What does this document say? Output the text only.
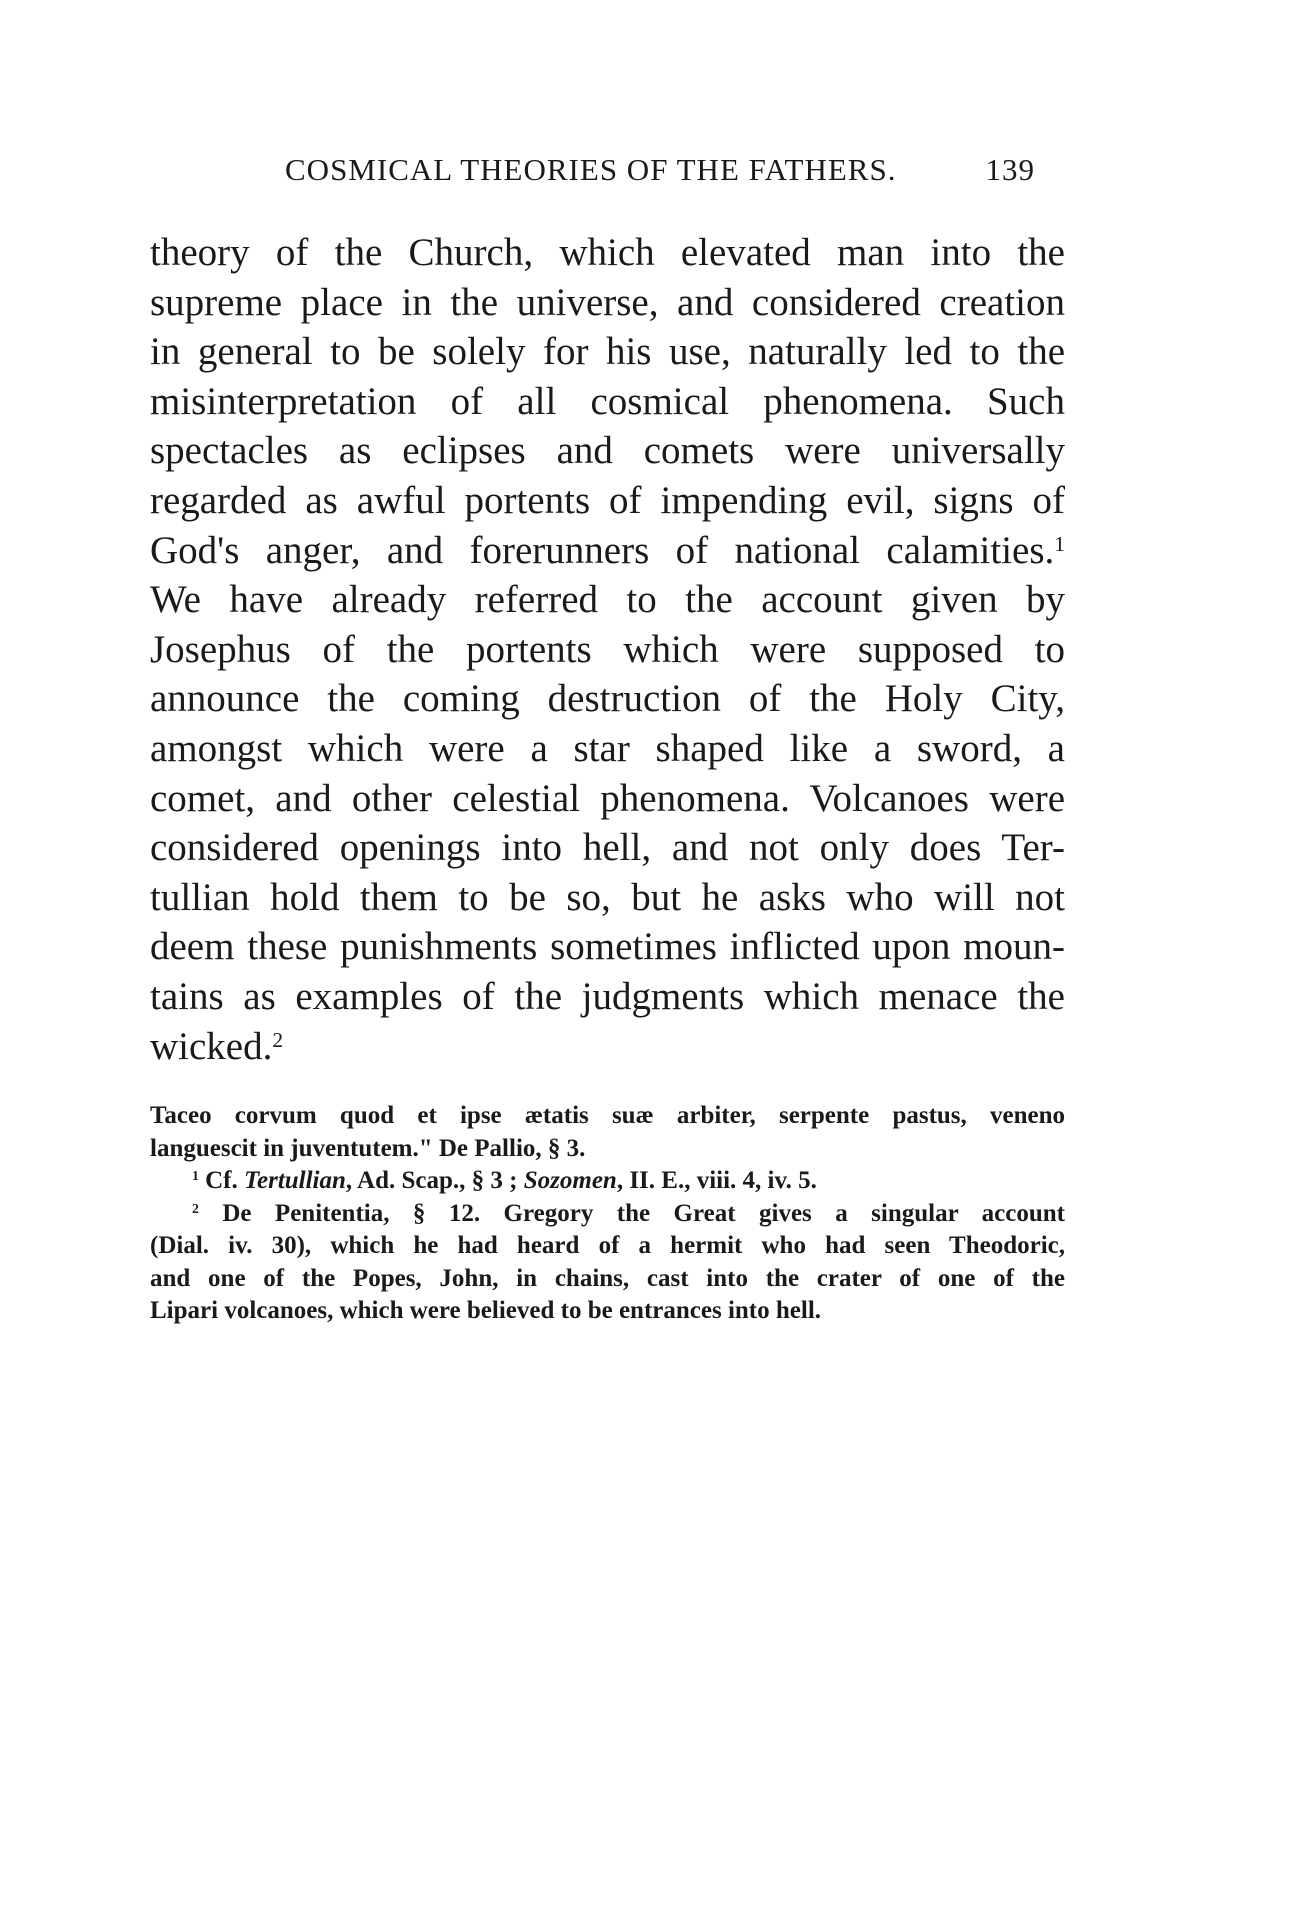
COSMICAL THEORIES OF THE FATHERS.	139
theory of the Church, which elevated man into the
supreme place in the universe, and considered creation
in general to be solely for his use, naturally led to the
misinterpretation of all cosmical phenomena. Such
spectacles as eclipses and comets were universally
regarded as awful portents of impending evil, signs of
God's anger, and forerunners of national calamities.$^1$
We have already referred to the account given by
Josephus of the portents which were supposed to
announce the coming destruction of the Holy City,
amongst which were a star shaped like a sword, a
comet, and other celestial phenomena. Volcanoes were
considered openings into hell, and not only does Ter-
tullian hold them to be so, but he asks who will not
deem these punishments sometimes inflicted upon moun-
tains as examples of the judgments which menace the
wicked.$^2$
Taceo corvum quod et ipse ætatis suæ arbiter, serpente pastus, veneno
languescit in juventutem." De Pallio, § 3.
$^1$ Cf. Tertullian, Ad. Scap., § 3 ; Sozomen, II. E., viii. 4, iv. 5.
$^2$ De Penitentia, § 12. Gregory the Great gives a singular account
(Dial. iv. 30), which he had heard of a hermit who had seen Theodoric,
and one of the Popes, John, in chains, cast into the crater of one of the
Lipari volcanoes, which were believed to be entrances into hell.
